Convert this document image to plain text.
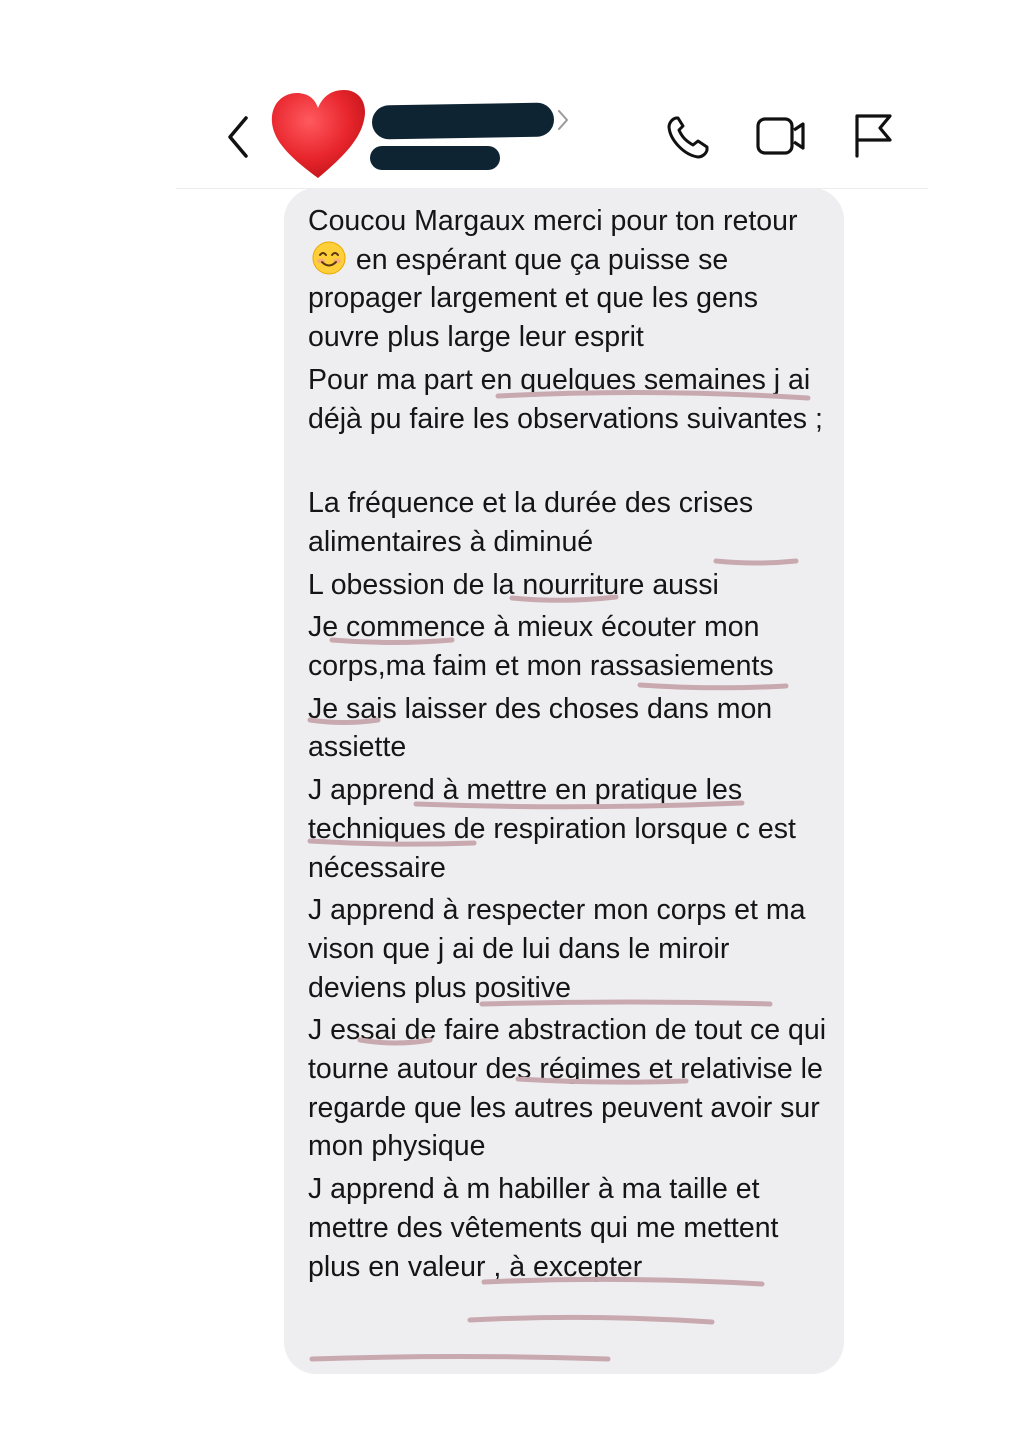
Coucou Margaux merci pour ton retour en espérant que ça puisse se propager largement et que les gens ouvre plus large leur esprit

Pour ma part en quelques semaines j ai déjà pu faire les observations suivantes ;

La fréquence et la durée des crises alimentaires à diminué

L obession de la nourriture aussi

Je commence à mieux écouter mon corps,ma faim et mon rassasiements

Je sais laisser des choses dans mon assiette

J apprend à mettre en pratique les techniques de respiration lorsque c est nécessaire

J apprend à respecter mon corps et ma vison que j ai de lui dans le miroir deviens plus positive

J essai de faire abstraction de tout ce qui tourne autour des régimes et relativise le regarde que les autres peuvent avoir sur mon physique

J apprend à m habiller à ma taille et mettre des vêtements qui me mettent plus en valeur , à excepter
